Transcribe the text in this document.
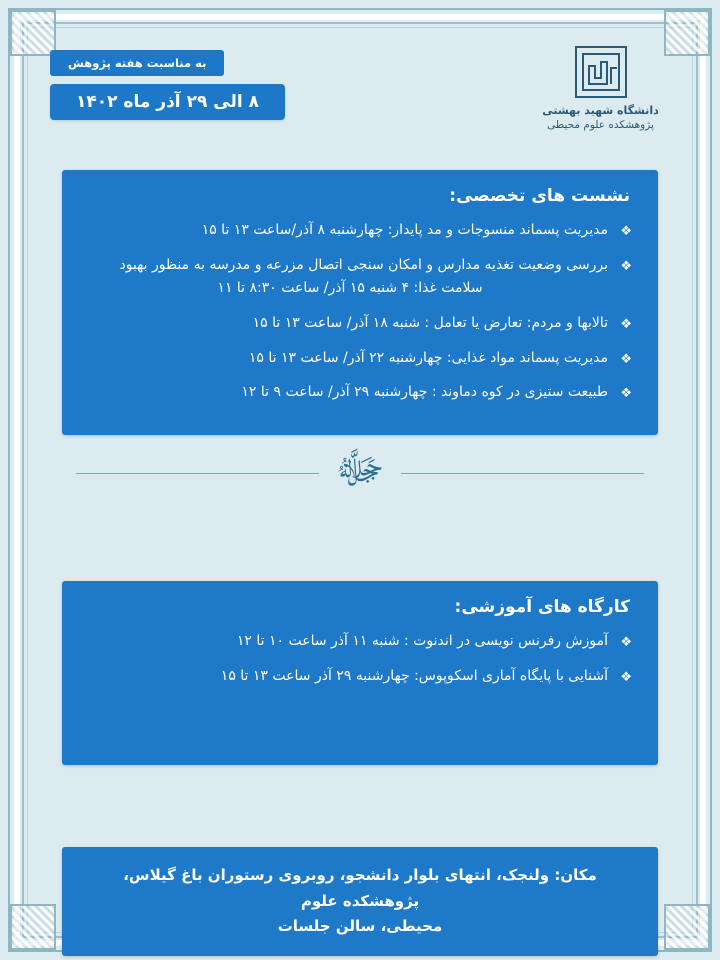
به مناسبت هفته پژوهش
۸ الی ۲۹ آذر ماه ۱۴۰۲	دانشگاه شهید بهشتی
پژوهشکده علوم محیطی
نشست های تخصصی:
❖
مدیریت پسماند منسوجات و مد پایدار: چهارشنبه ۸ آذر/ساعت ۱۳ تا ۱۵
❖
بررسی وضعیت تغذیه مدارس و امکان سنجی اتصال مزرعه و مدرسه به منظور بهبود
سلامت غذا: ۴ شنبه ۱۵ آذر/ ساعت ۸:۳۰ تا ۱۱
❖
تالابها و مردم: تعارض یا تعامل : شنبه ۱۸ آذر/ ساعت ۱۳ تا ۱۵
❖
مدیریت پسماند مواد غذایی: چهارشنبه ۲۲ آذر/ ساعت ۱۳ تا ۱۵
❖
طبیعت ستیزی در کوه دماوند : چهارشنبه ۲۹ آذر/ ساعت ۹ تا ۱۲
ﷻ
کارگاه های آموزشی:
❖
آموزش رفرنس نویسی در اندنوت : شنبه ۱۱ آذر ساعت ۱۰ تا ۱۲
❖
آشنایی با پایگاه آماری اسکوپوس: چهارشنبه ۲۹ آذر ساعت ۱۳ تا ۱۵
مکان: ولنجک، انتهای بلوار دانشجو، روبروی رستوران باغ گیلاس، پژوهشکده علوم
محیطی، سالن جلسات
